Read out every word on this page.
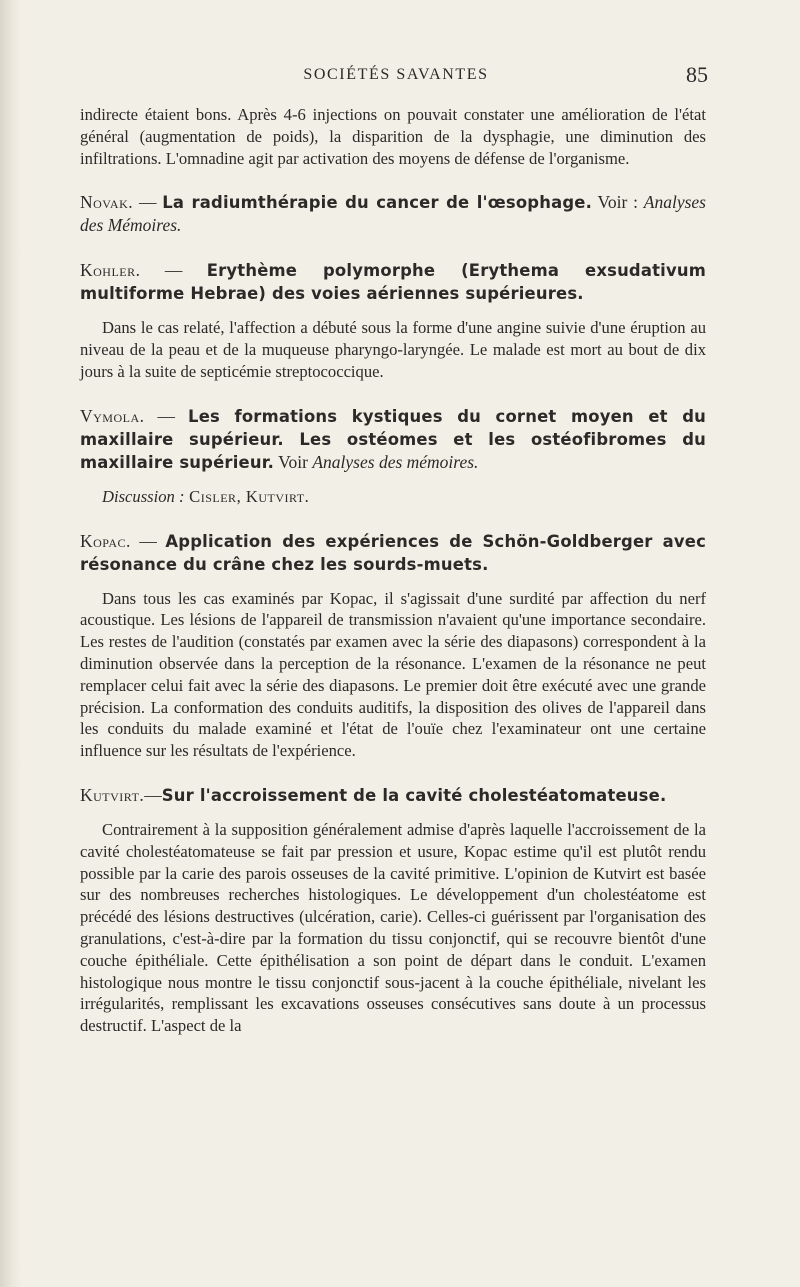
SOCIÉTÉS SAVANTES	85

indirecte étaient bons. Après 4-6 injections on pouvait constater une amélioration de l'état général (augmentation de poids), la disparition de la dysphagie, une diminution des infiltrations. L'omnadine agit par activation des moyens de défense de l'organisme.

Novak. — La radiumthérapie du cancer de l'œsophage. Voir : Analyses des Mémoires.

Kohler. — Erythème polymorphe (Erythema exsudativum multiforme Hebrae) des voies aériennes supérieures.

Dans le cas relaté, l'affection a débuté sous la forme d'une angine suivie d'une éruption au niveau de la peau et de la muqueuse pharyngo-laryngée. Le malade est mort au bout de dix jours à la suite de septicémie streptococcique.

Vymola. — Les formations kystiques du cornet moyen et du maxillaire supérieur. Les ostéomes et les ostéofibromes du maxillaire supérieur. Voir Analyses des mémoires.

Discussion : Cisler, Kutvirt.

Kopac. — Application des expériences de Schön-Goldberger avec résonance du crâne chez les sourds-muets.

Dans tous les cas examinés par Kopac, il s'agissait d'une surdité par affection du nerf acoustique. Les lésions de l'appareil de transmission n'avaient qu'une importance secondaire. Les restes de l'audition (constatés par examen avec la série des diapasons) correspondent à la diminution observée dans la perception de la résonance. L'examen de la résonance ne peut remplacer celui fait avec la série des diapasons. Le premier doit être exécuté avec une grande précision. La conformation des conduits auditifs, la disposition des olives de l'appareil dans les conduits du malade examiné et l'état de l'ouïe chez l'examinateur ont une certaine influence sur les résultats de l'expérience.

Kutvirt.—Sur l'accroissement de la cavité cholestéatomateuse.

Contrairement à la supposition généralement admise d'après laquelle l'accroissement de la cavité cholestéatomateuse se fait par pression et usure, Kopac estime qu'il est plutôt rendu possible par la carie des parois osseuses de la cavité primitive. L'opinion de Kutvirt est basée sur des nombreuses recherches histologiques. Le développement d'un cholestéatome est précédé des lésions destructives (ulcération, carie). Celles-ci guérissent par l'organisation des granulations, c'est-à-dire par la formation du tissu conjonctif, qui se recouvre bientôt d'une couche épithéliale. Cette épithélisation a son point de départ dans le conduit. L'examen histologique nous montre le tissu conjonctif sous-jacent à la couche épithéliale, nivelant les irrégularités, remplissant les excavations osseuses consécutives sans doute à un processus destructif. L'aspect de la
